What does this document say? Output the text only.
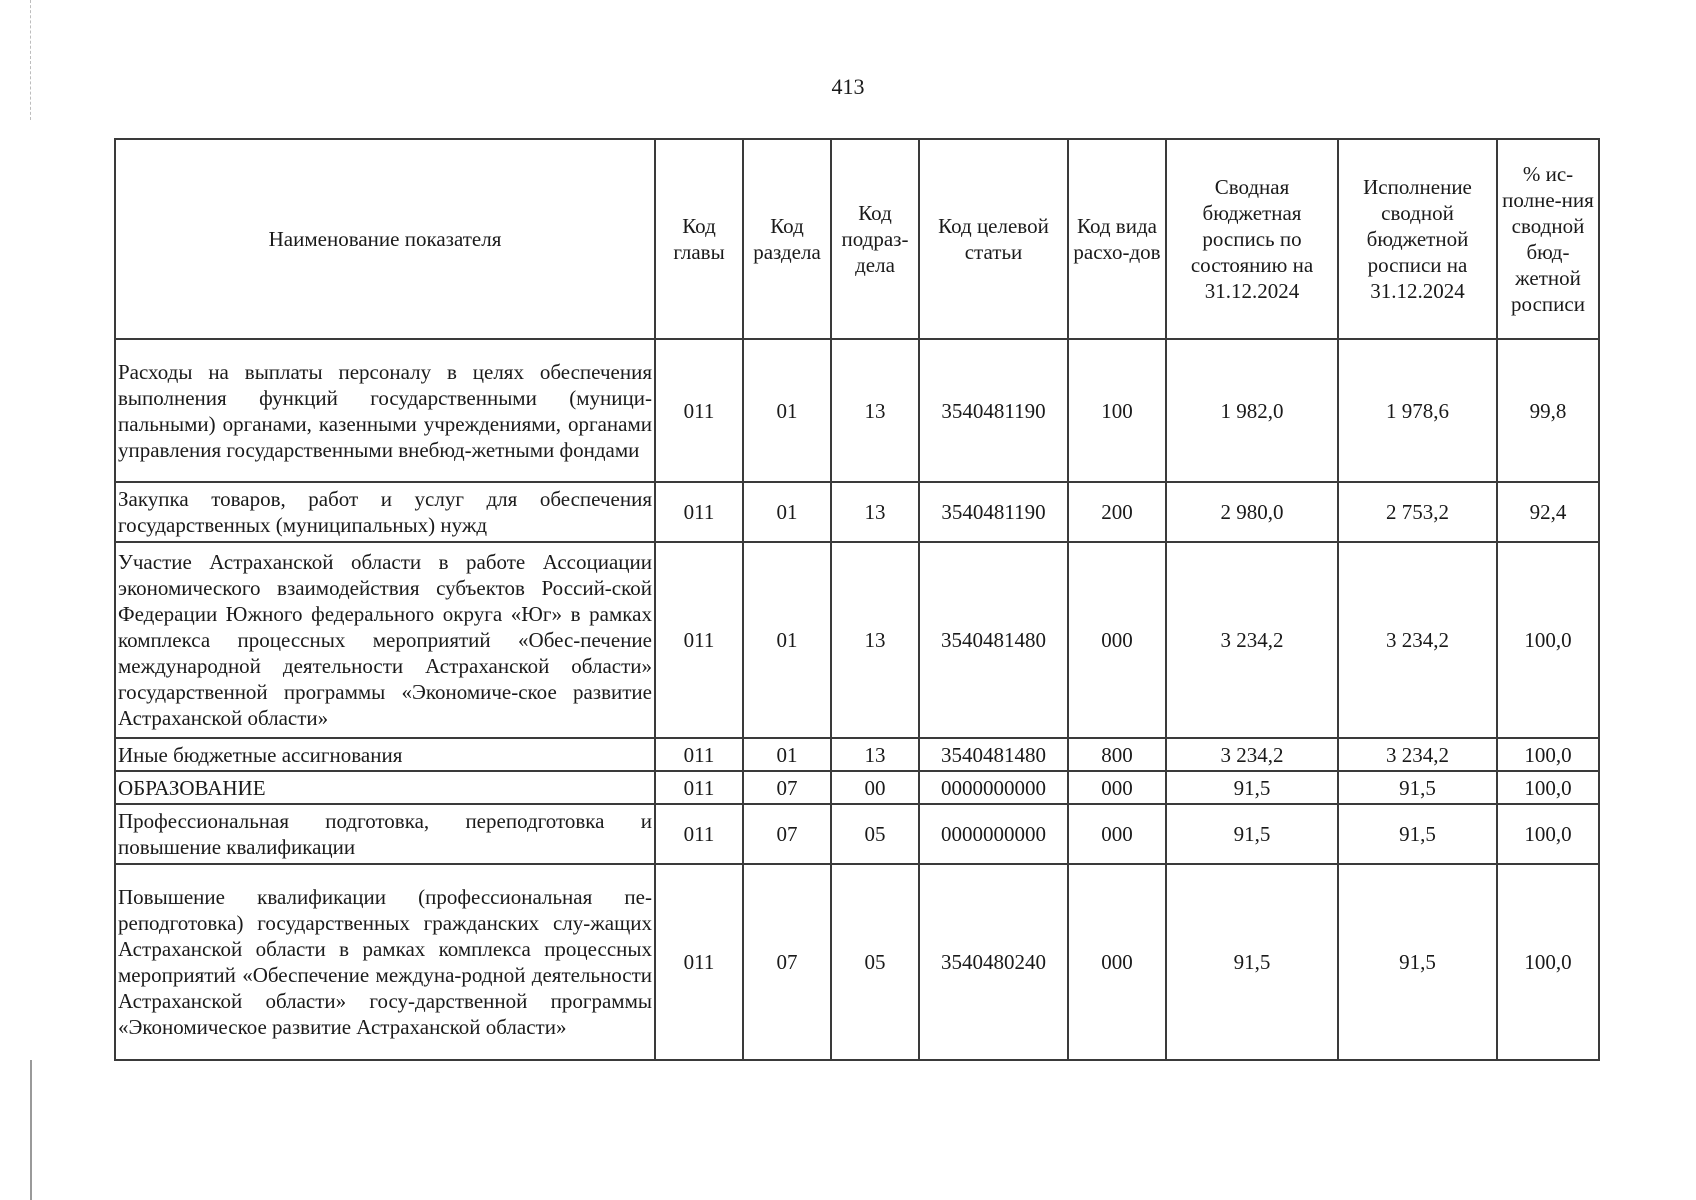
413
Наименование показателя	Код главы	Код раздела	Код подраз-дела	Код целевой статьи	Код вида расхо-дов	Сводная бюджетная роспись по состоянию на 31.12.2024	Исполнение сводной бюджетной росписи на 31.12.2024	% ис-полне-ния сводной бюд-жетной росписи
Расходы на выплаты персоналу в целях обеспечения выполнения функций государственными (муници-пальными) органами, казенными учреждениями, органами управления государственными внебюд-жетными фондами	011	01	13	3540481190	100	1 982,0	1 978,6	99,8
Закупка товаров, работ и услуг для обеспечения государственных (муниципальных) нужд	011	01	13	3540481190	200	2 980,0	2 753,2	92,4
Участие Астраханской области в работе Ассоциации экономического взаимодействия субъектов Россий-ской Федерации Южного федерального округа «Юг» в рамках комплекса процессных мероприятий «Обес-печение международной деятельности Астраханской области» государственной программы «Экономиче-ское развитие Астраханской области»	011	01	13	3540481480	000	3 234,2	3 234,2	100,0
Иные бюджетные ассигнования	011	01	13	3540481480	800	3 234,2	3 234,2	100,0
ОБРАЗОВАНИЕ	011	07	00	0000000000	000	91,5	91,5	100,0
Профессиональная подготовка, переподготовка и повышение квалификации	011	07	05	0000000000	000	91,5	91,5	100,0
Повышение квалификации (профессиональная пе-реподготовка) государственных гражданских слу-жащих Астраханской области в рамках комплекса процессных мероприятий «Обеспечение междуна-родной деятельности Астраханской области» госу-дарственной программы «Экономическое развитие Астраханской области»	011	07	05	3540480240	000	91,5	91,5	100,0
